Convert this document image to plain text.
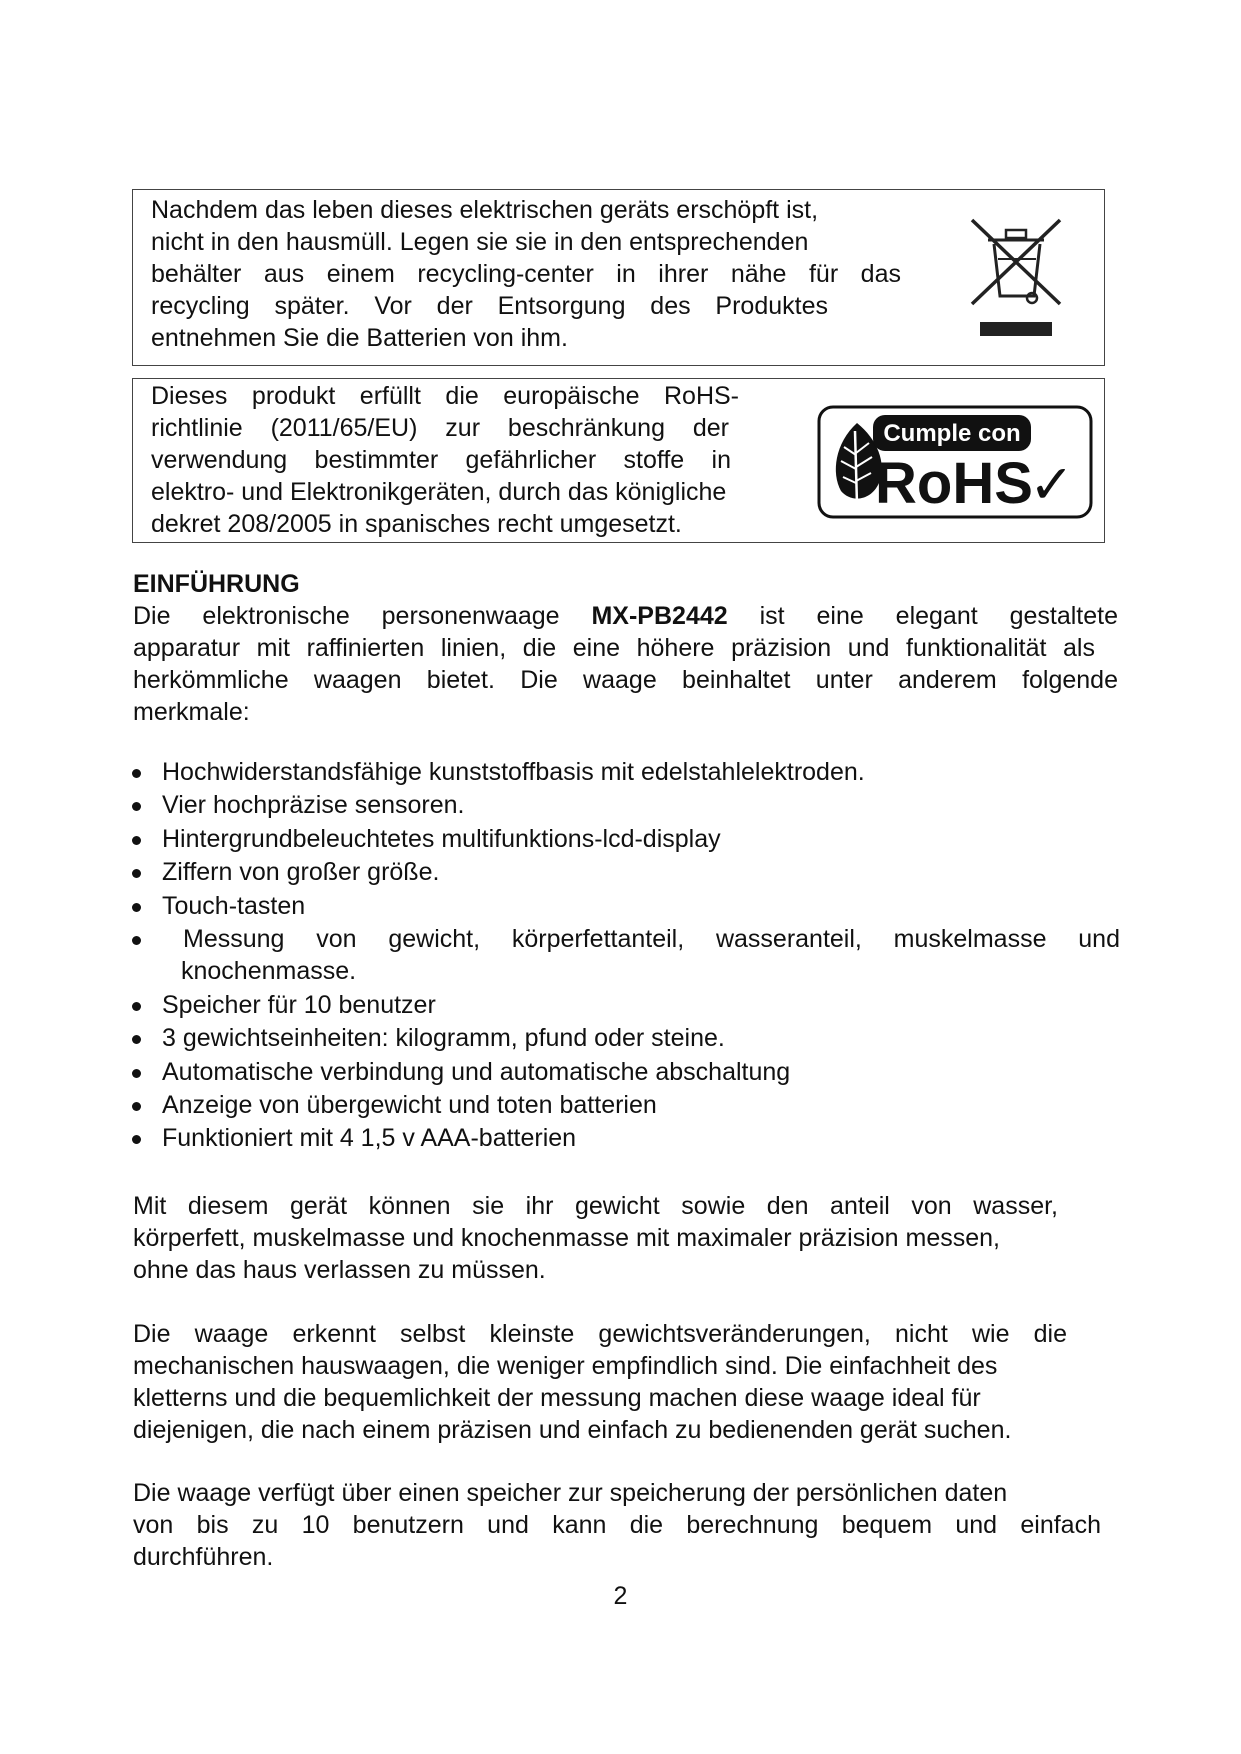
Nachdem das leben dieses elektrischen geräts erschöpft ist,
nicht in den hausmüll. Legen sie sie in den entsprechenden
behälter aus einem recycling-center in ihrer nähe für das
recycling später. Vor der Entsorgung des Produktes
entnehmen Sie die Batterien von ihm.
Dieses produkt erfüllt die europäische RoHS-
richtlinie (2011/65/EU) zur beschränkung der
verwendung bestimmter gefährlicher stoffe in
elektro- und Elektronikgeräten, durch das königliche
dekret 208/2005 in spanisches recht umgesetzt.
Cumple con
RoHS
✓
EINFÜHRUNG
Die elektronische personenwaage MX-PB2442 ist eine elegant gestaltete
apparatur mit raffinierten linien, die eine höhere präzision und funktionalität als
herkömmliche waagen bietet. Die waage beinhaltet unter anderem folgende
merkmale:
Hochwiderstandsfähige kunststoffbasis mit edelstahlelektroden.
Vier hochpräzise sensoren.
Hintergrundbeleuchtetes multifunktions-lcd-display
Ziffern von großer größe.
Touch-tasten
Messung von gewicht, körperfettanteil, wasseranteil, muskelmasse und
knochenmasse.
Speicher für 10 benutzer
3 gewichtseinheiten: kilogramm, pfund oder steine.
Automatische verbindung und automatische abschaltung
Anzeige von übergewicht und toten batterien
Funktioniert mit 4 1,5 v AAA-batterien
Mit diesem gerät können sie ihr gewicht sowie den anteil von wasser,
körperfett, muskelmasse und knochenmasse mit maximaler präzision messen,
ohne das haus verlassen zu müssen.
Die waage erkennt selbst kleinste gewichtsveränderungen, nicht wie die
mechanischen hauswaagen, die weniger empfindlich sind. Die einfachheit des
kletterns und die bequemlichkeit der messung machen diese waage ideal für
diejenigen, die nach einem präzisen und einfach zu bedienenden gerät suchen.
Die waage verfügt über einen speicher zur speicherung der persönlichen daten
von bis zu 10 benutzern und kann die berechnung bequem und einfach
durchführen.
2
